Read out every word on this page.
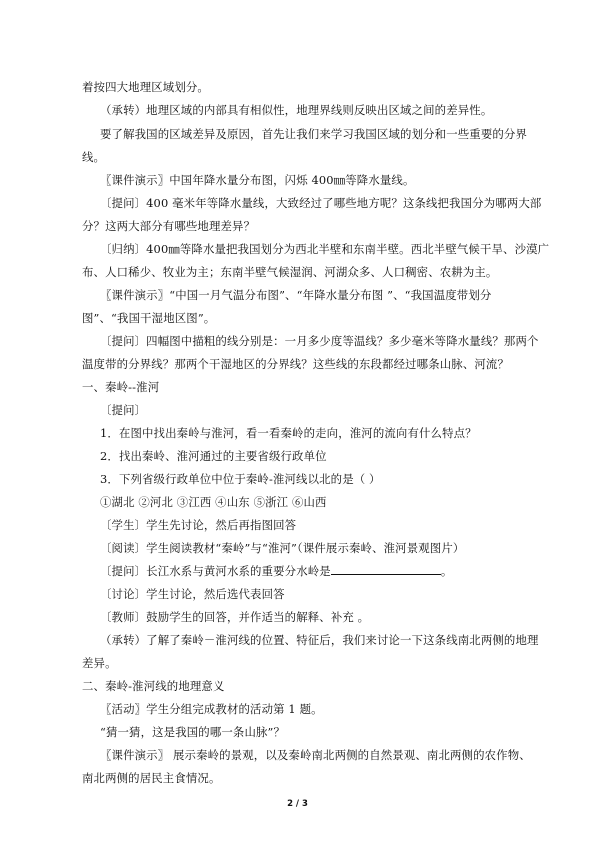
着按四大地理区域划分。
（承转）地理区域的内部具有相似性，地理界线则反映出区域之间的差异性。
要了解我国的区域差异及原因，首先让我们来学习我国区域的划分和一些重要的分界
线。
〖课件演示〗中国年降水量分布图，闪烁 400㎜等降水量线。
〔提问〕400 毫米年等降水量线，大致经过了哪些地方呢？这条线把我国分为哪两大部
分？这两大部分有哪些地理差异？
〔归纳〕400㎜等降水量把我国划分为西北半壁和东南半壁。西北半壁气候干旱、沙漠广
布、人口稀少、牧业为主；东南半壁气候湿润、河湖众多、人口稠密、农耕为主。
〖课件演示〗“中国一月气温分布图”、“年降水量分布图 ”、“我国温度带划分
图”、“我国干湿地区图”。
〔提问〕四幅图中描粗的线分别是：一月多少度等温线？多少毫米等降水量线？那两个
温度带的分界线？那两个干湿地区的分界线？这些线的东段都经过哪条山脉、河流？
一、秦岭--淮河
〔提问〕
1．在图中找出秦岭与淮河，看一看秦岭的走向，淮河的流向有什么特点？
2．找出秦岭、淮河通过的主要省级行政单位
3．下列省级行政单位中位于秦岭-淮河线以北的是（ ）
①湖北 ②河北 ③江西 ④山东 ⑤浙江 ⑥山西
〔学生〕学生先讨论，然后再指图回答
〔阅读〕学生阅读教材“秦岭”与“淮河”（课件展示秦岭、淮河景观图片）
〔提问〕长江水系与黄河水系的重要分水岭是	。
〔讨论〕学生讨论，然后选代表回答
〔教师〕鼓励学生的回答，并作适当的解释、补充 。
（承转）了解了秦岭－淮河线的位置、特征后，我们来讨论一下这条线南北两侧的地理
差异。
二、秦岭-淮河线的地理意义
〖活动〗学生分组完成教材的活动第 1 题。
“猜一猜，这是我国的哪一条山脉”？
〖课件演示〗 展示秦岭的景观，以及秦岭南北两侧的自然景观、南北两侧的农作物、
南北两侧的居民主食情况。
2 / 3
